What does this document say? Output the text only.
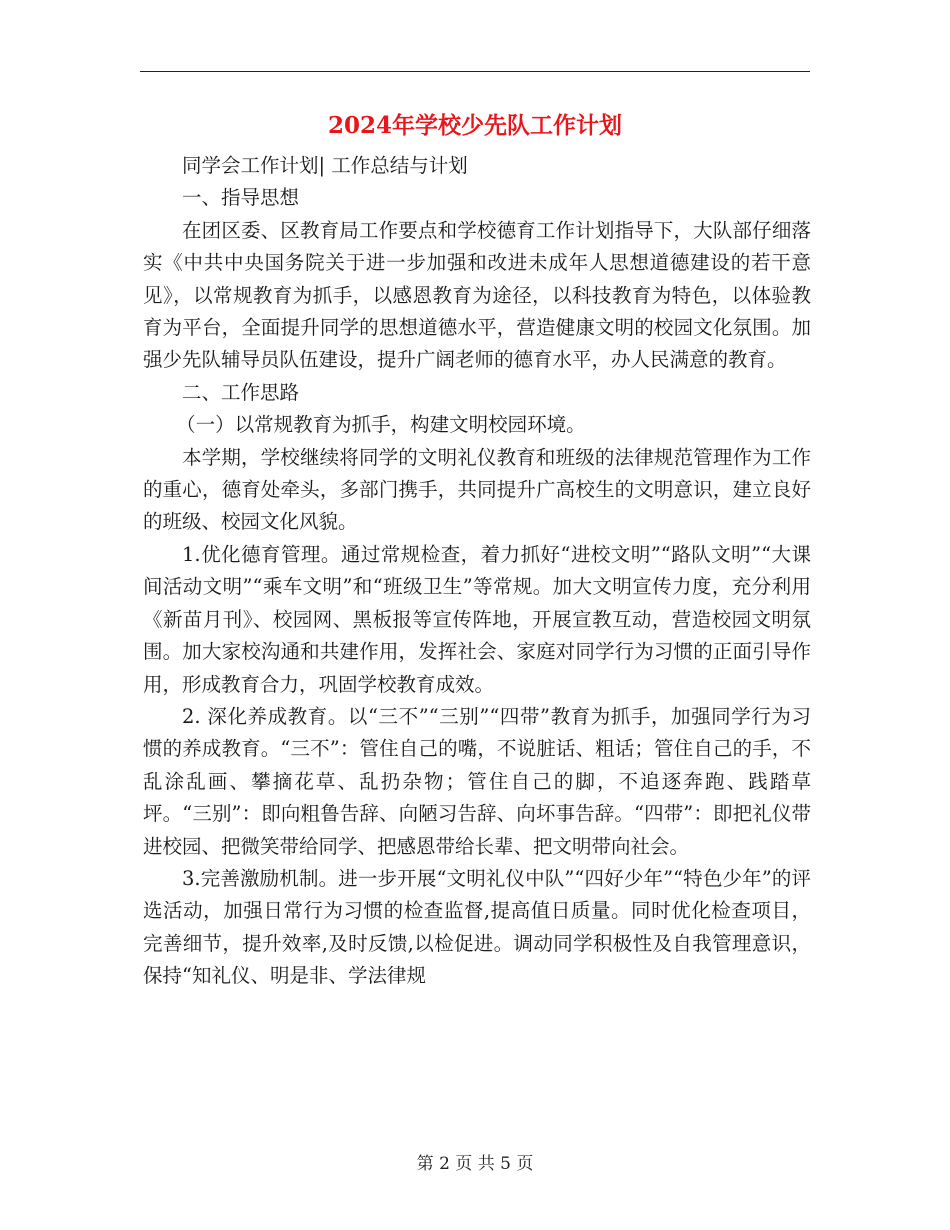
2024年学校少先队工作计划

同学会工作计划| 工作总结与计划

一、指导思想

在团区委、区教育局工作要点和学校德育工作计划指导下，大队部仔细落实《中共中央国务院关于进一步加强和改进未成年人思想道德建设的若干意见》，以常规教育为抓手，以感恩教育为途径，以科技教育为特色，以体验教育为平台，全面提升同学的思想道德水平，营造健康文明的校园文化氛围。加强少先队辅导员队伍建设，提升广阔老师的德育水平，办人民满意的教育。

二、工作思路

（一）以常规教育为抓手，构建文明校园环境。

本学期，学校继续将同学的文明礼仪教育和班级的法律规范管理作为工作的重心，德育处牵头，多部门携手，共同提升广高校生的文明意识，建立良好的班级、校园文化风貌。

1.优化德育管理。通过常规检查，着力抓好“进校文明”“路队文明”“大课间活动文明”“乘车文明”和“班级卫生”等常规。加大文明宣传力度，充分利用《新苗月刊》、校园网、黑板报等宣传阵地，开展宣教互动，营造校园文明氛围。加大家校沟通和共建作用，发挥社会、家庭对同学行为习惯的正面引导作用，形成教育合力，巩固学校教育成效。

2. 深化养成教育。以“三不”“三别”“四带”教育为抓手，加强同学行为习惯的养成教育。“三不”：管住自己的嘴，不说脏话、粗话；管住自己的手，不乱涂乱画、攀摘花草、乱扔杂物；管住自己的脚，不追逐奔跑、践踏草坪。“三别”：即向粗鲁告辞、向陋习告辞、向坏事告辞。“四带”：即把礼仪带进校园、把微笑带给同学、把感恩带给长辈、把文明带向社会。

3.完善激励机制。进一步开展“文明礼仪中队”“四好少年”“特色少年”的评选活动，加强日常行为习惯的检查监督,提高值日质量。同时优化检查项目，完善细节，提升效率,及时反馈,以检促进。调动同学积极性及自我管理意识，保持“知礼仪、明是非、学法律规

第 2 页 共 5 页
